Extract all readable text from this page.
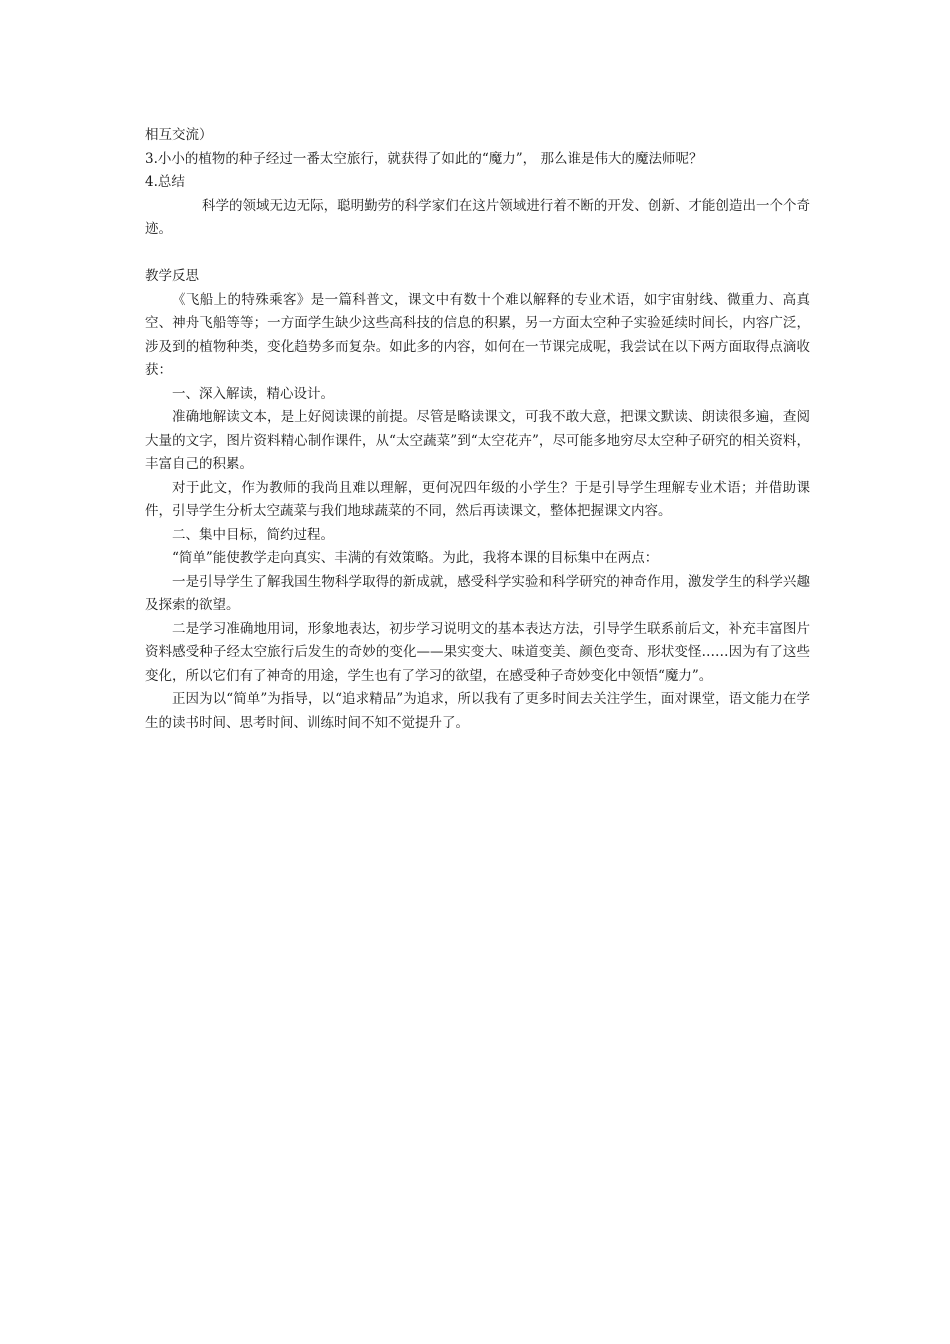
相互交流）

3.小小的植物的种子经过一番太空旅行，就获得了如此的“魔力”， 那么谁是伟大的魔法师呢？

4.总结

科学的领域无边无际，聪明勤劳的科学家们在这片领域进行着不断的开发、创新、才能创造出一个个奇迹。

教学反思

《飞船上的特殊乘客》是一篇科普文，课文中有数十个难以解释的专业术语，如宇宙射线、微重力、高真空、神舟飞船等等；一方面学生缺少这些高科技的信息的积累，另一方面太空种子实验延续时间长，内容广泛，涉及到的植物种类，变化趋势多而复杂。如此多的内容，如何在一节课完成呢，我尝试在以下两方面取得点滴收获：

一、深入解读，精心设计。

准确地解读文本，是上好阅读课的前提。尽管是略读课文，可我不敢大意，把课文默读、朗读很多遍，查阅大量的文字，图片资料精心制作课件，从“太空蔬菜”到“太空花卉”，尽可能多地穷尽太空种子研究的相关资料，丰富自己的积累。

对于此文，作为教师的我尚且难以理解，更何况四年级的小学生？于是引导学生理解专业术语；并借助课件，引导学生分析太空蔬菜与我们地球蔬菜的不同，然后再读课文，整体把握课文内容。

二、集中目标，简约过程。

“简单”能使教学走向真实、丰满的有效策略。为此，我将本课的目标集中在两点：

一是引导学生了解我国生物科学取得的新成就，感受科学实验和科学研究的神奇作用，激发学生的科学兴趣及探索的欲望。

二是学习准确地用词，形象地表达，初步学习说明文的基本表达方法，引导学生联系前后文，补充丰富图片资料感受种子经太空旅行后发生的奇妙的变化——果实变大、味道变美、颜色变奇、形状变怪……因为有了这些变化，所以它们有了神奇的用途，学生也有了学习的欲望，在感受种子奇妙变化中领悟“魔力”。

正因为以“简单”为指导，以“追求精品”为追求，所以我有了更多时间去关注学生，面对课堂，语文能力在学生的读书时间、思考时间、训练时间不知不觉提升了。
